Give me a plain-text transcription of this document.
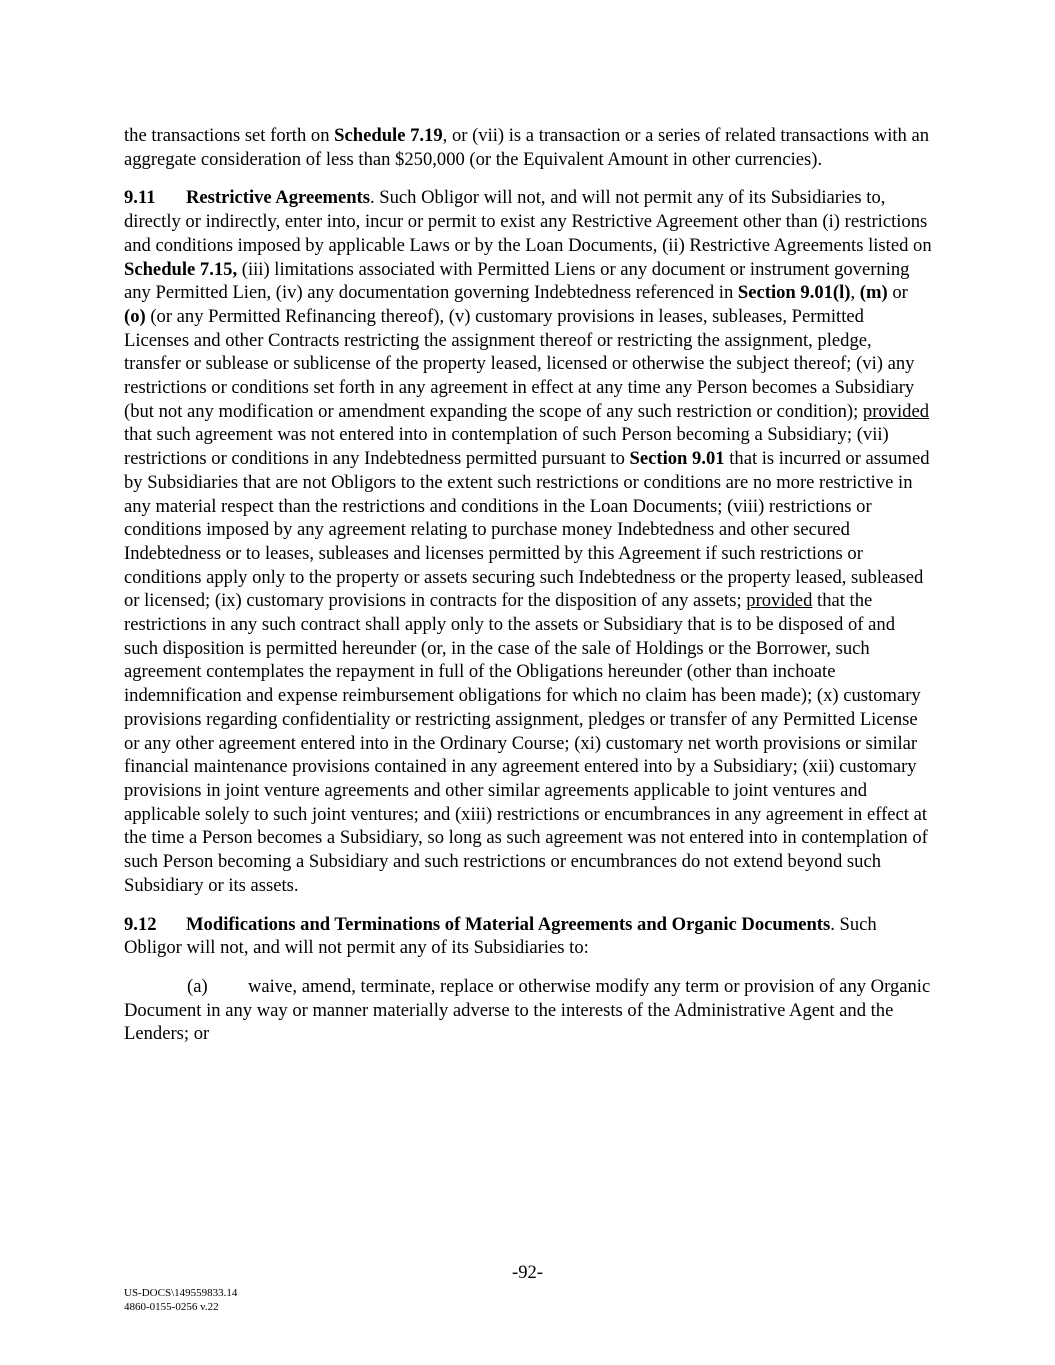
the transactions set forth on Schedule 7.19, or (vii) is a transaction or a series of related transactions with an aggregate consideration of less than $250,000 (or the Equivalent Amount in other currencies).

9.11 Restrictive Agreements. Such Obligor will not, and will not permit any of its Subsidiaries to, directly or indirectly, enter into, incur or permit to exist any Restrictive Agreement other than (i) restrictions and conditions imposed by applicable Laws or by the Loan Documents, (ii) Restrictive Agreements listed on Schedule 7.15, (iii) limitations associated with Permitted Liens or any document or instrument governing any Permitted Lien, (iv) any documentation governing Indebtedness referenced in Section 9.01(l), (m) or (o) (or any Permitted Refinancing thereof), (v) customary provisions in leases, subleases, Permitted Licenses and other Contracts restricting the assignment thereof or restricting the assignment, pledge, transfer or sublease or sublicense of the property leased, licensed or otherwise the subject thereof; (vi) any restrictions or conditions set forth in any agreement in effect at any time any Person becomes a Subsidiary (but not any modification or amendment expanding the scope of any such restriction or condition); provided that such agreement was not entered into in contemplation of such Person becoming a Subsidiary; (vii) restrictions or conditions in any Indebtedness permitted pursuant to Section 9.01 that is incurred or assumed by Subsidiaries that are not Obligors to the extent such restrictions or conditions are no more restrictive in any material respect than the restrictions and conditions in the Loan Documents; (viii) restrictions or conditions imposed by any agreement relating to purchase money Indebtedness and other secured Indebtedness or to leases, subleases and licenses permitted by this Agreement if such restrictions or conditions apply only to the property or assets securing such Indebtedness or the property leased, subleased or licensed; (ix) customary provisions in contracts for the disposition of any assets; provided that the restrictions in any such contract shall apply only to the assets or Subsidiary that is to be disposed of and such disposition is permitted hereunder (or, in the case of the sale of Holdings or the Borrower, such agreement contemplates the repayment in full of the Obligations hereunder (other than inchoate indemnification and expense reimbursement obligations for which no claim has been made); (x) customary provisions regarding confidentiality or restricting assignment, pledges or transfer of any Permitted License or any other agreement entered into in the Ordinary Course; (xi) customary net worth provisions or similar financial maintenance provisions contained in any agreement entered into by a Subsidiary; (xii) customary provisions in joint venture agreements and other similar agreements applicable to joint ventures and applicable solely to such joint ventures; and (xiii) restrictions or encumbrances in any agreement in effect at the time a Person becomes a Subsidiary, so long as such agreement was not entered into in contemplation of such Person becoming a Subsidiary and such restrictions or encumbrances do not extend beyond such Subsidiary or its assets.

9.12 Modifications and Terminations of Material Agreements and Organic Documents. Such Obligor will not, and will not permit any of its Subsidiaries to:

(a) waive, amend, terminate, replace or otherwise modify any term or provision of any Organic Document in any way or manner materially adverse to the interests of the Administrative Agent and the Lenders; or

-92-
US-DOCS\149559833.14
4860-0155-0256 v.22
